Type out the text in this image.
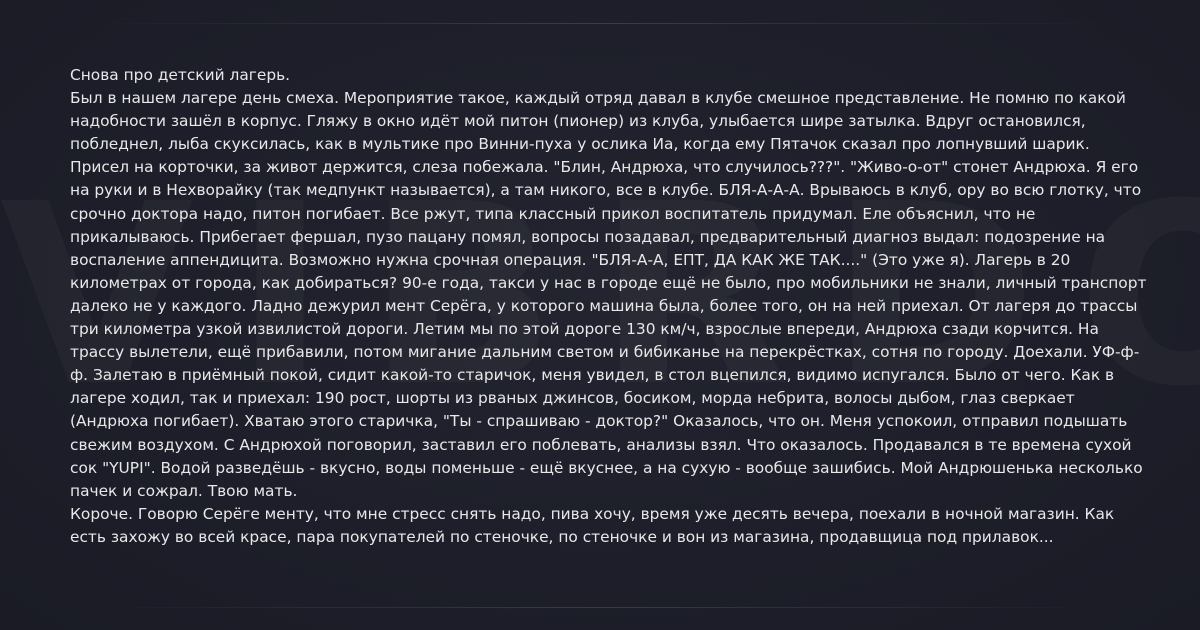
Снова про детский лагерь.

Был в нашем лагере день смеха. Мероприятие такое, каждый отряд давал в клубе смешное представление. Не помню по какой надобности зашёл в корпус. Гляжу в окно идёт мой питон (пионер) из клуба, улыбается шире затылка. Вдруг остановился, побледнел, лыба скуксилась, как в мультике про Винни-пуха у ослика Иа, когда ему Пятачок сказал про лопнувший шарик. Присел на корточки, за живот держится, слеза побежала. "Блин, Андрюха, что случилось???". "Живо-о-от" стонет Андрюха. Я его на руки и в Нехворайку (так медпункт называется), а там никого, все в клубе. БЛЯ-А-А-А. Врываюсь в клуб, ору во всю глотку, что срочно доктора надо, питон погибает. Все ржут, типа классный прикол воспитатель придумал. Еле объяснил, что не прикалываюсь. Прибегает фершал, пузо пацану помял, вопросы позадавал, предварительный диагноз выдал: подозрение на воспаление аппендицита. Возможно нужна срочная операция. "БЛЯ-А-А, ЕПТ, ДА КАК ЖЕ ТАК...." (Это уже я). Лагерь в 20 километрах от города, как добираться? 90-е года, такси у нас в городе ещё не было, про мобильники не знали, личный транспорт далеко не у каждого. Ладно дежурил мент Серёга, у которого машина была, более того, он на ней приехал. От лагеря до трассы три километра узкой извилистой дороги. Летим мы по этой дороге 130 км/ч, взрослые впереди, Андрюха сзади корчится. На трассу вылетели, ещё прибавили, потом мигание дальним светом и бибиканье на перекрёстках, сотня по городу. Доехали. УФ-ф-ф. Залетаю в приёмный покой, сидит какой-то старичок, меня увидел, в стол вцепился, видимо испугался. Было от чего. Как в лагере ходил, так и приехал: 190 рост, шорты из рваных джинсов, босиком, морда небрита, волосы дыбом, глаз сверкает (Андрюха погибает). Хватаю этого старичка, "Ты - спрашиваю - доктор?" Оказалось, что он. Меня успокоил, отправил подышать свежим воздухом. С Андрюхой поговорил, заставил его поблевать, анализы взял. Что оказалось. Продавался в те времена сухой сок "YUPI". Водой разведёшь - вкусно, воды поменьше - ещё вкуснее, а на сухую - вообще зашибись. Мой Андрюшенька несколько пачек и сожрал. Твою мать.

Короче. Говорю Серёге менту, что мне стресс снять надо, пива хочу, время уже десять вечера, поехали в ночной магазин. Как есть захожу во всей красе, пара покупателей по стеночке, по стеночке и вон из магазина, продавщица под прилавок...
